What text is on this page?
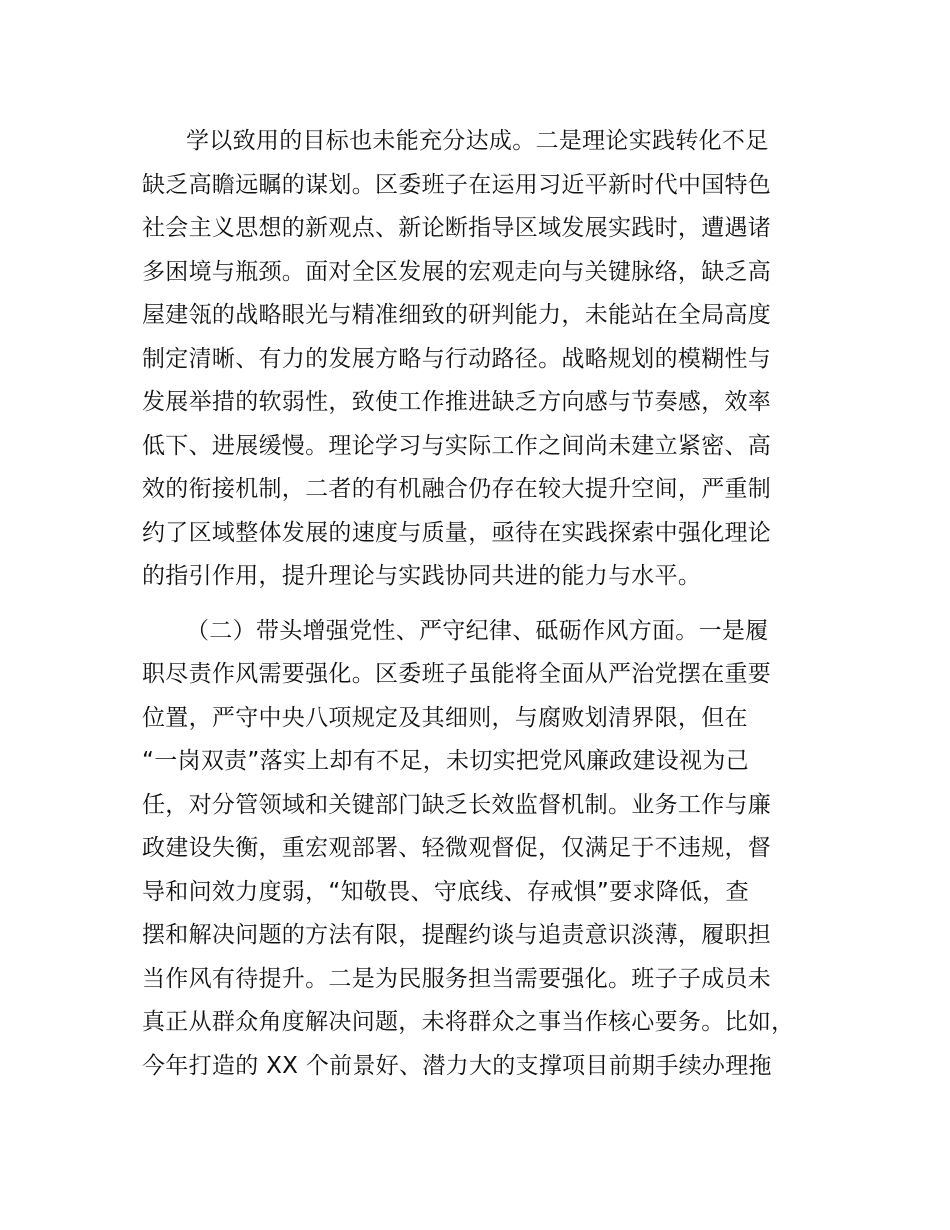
学以致用的目标也未能充分达成。二是理论实践转化不足
缺乏高瞻远瞩的谋划。区委班子在运用习近平新时代中国特色
社会主义思想的新观点、新论断指导区域发展实践时，遭遇诸
多困境与瓶颈。面对全区发展的宏观走向与关键脉络，缺乏高
屋建瓴的战略眼光与精准细致的研判能力，未能站在全局高度
制定清晰、有力的发展方略与行动路径。战略规划的模糊性与
发展举措的软弱性，致使工作推进缺乏方向感与节奏感，效率
低下、进展缓慢。理论学习与实际工作之间尚未建立紧密、高
效的衔接机制，二者的有机融合仍存在较大提升空间，严重制
约了区域整体发展的速度与质量，亟待在实践探索中强化理论
的指引作用，提升理论与实践协同共进的能力与水平。
（二）带头增强党性、严守纪律、砥砺作风方面。一是履
职尽责作风需要强化。区委班子虽能将全面从严治党摆在重要
位置，严守中央八项规定及其细则，与腐败划清界限，但在
“一岗双责”落实上却有不足，未切实把党风廉政建设视为己
任，对分管领域和关键部门缺乏长效监督机制。业务工作与廉
政建设失衡，重宏观部署、轻微观督促，仅满足于不违规，督
导和问效力度弱，“知敬畏、守底线、存戒惧”要求降低，查
摆和解决问题的方法有限，提醒约谈与追责意识淡薄，履职担
当作风有待提升。二是为民服务担当需要强化。班子子成员未
真正从群众角度解决问题，未将群众之事当作核心要务。比如，
今年打造的 XX 个前景好、潜力大的支撑项目前期手续办理拖
